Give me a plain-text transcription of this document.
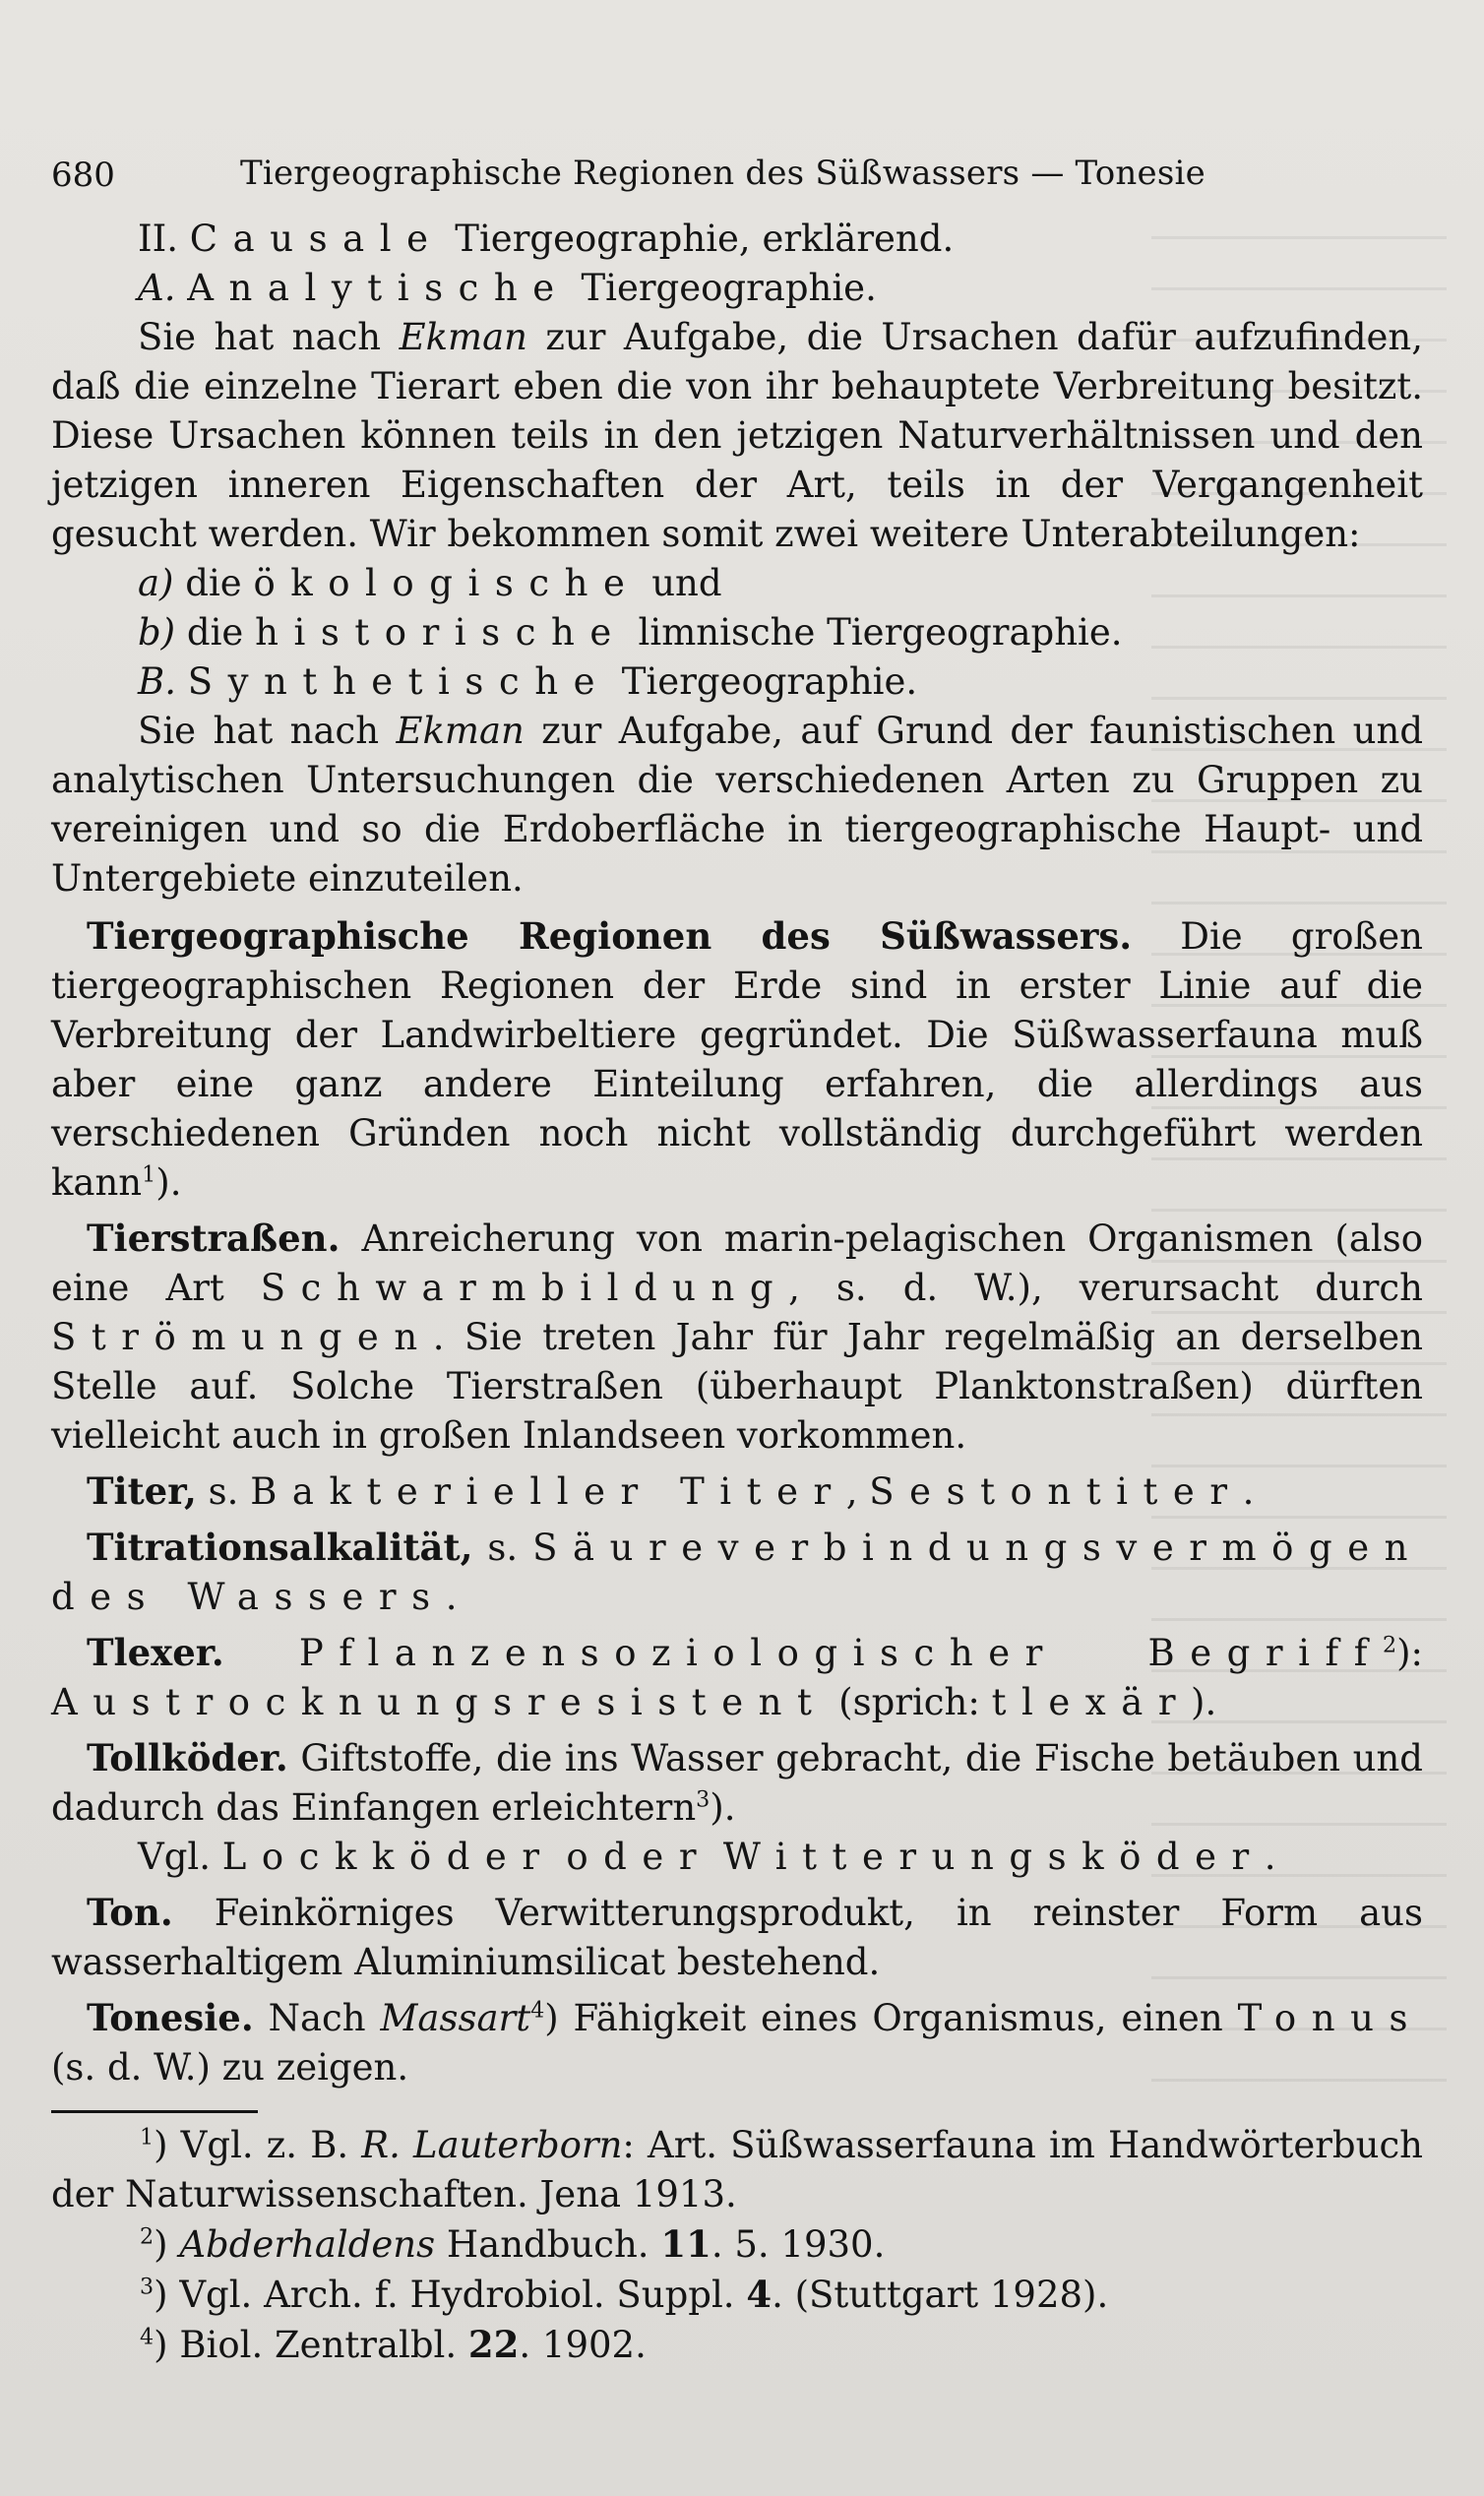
680	Tiergeographische Regionen des Süßwassers — Tonesie

II. Causale Tiergeographie, erklärend.

A. Analytische Tiergeographie.

Sie hat nach Ekman zur Aufgabe, die Ursachen dafür aufzufinden, daß die einzelne Tierart eben die von ihr behauptete Verbreitung besitzt. Diese Ursachen können teils in den jetzigen Naturverhältnissen und den jetzigen inneren Eigenschaften der Art, teils in der Vergangenheit gesucht werden. Wir bekommen somit zwei weitere Unterabteilungen:

a) die ökologische und

b) die historische limnische Tiergeographie.

B. Synthetische Tiergeographie.

Sie hat nach Ekman zur Aufgabe, auf Grund der faunistischen und analytischen Untersuchungen die verschiedenen Arten zu Gruppen zu vereinigen und so die Erdoberfläche in tiergeographische Haupt- und Untergebiete einzuteilen.

Tiergeographische Regionen des Süßwassers. Die großen tiergeographischen Regionen der Erde sind in erster Linie auf die Verbreitung der Landwirbeltiere gegründet. Die Süßwasserfauna muß aber eine ganz andere Einteilung erfahren, die allerdings aus verschiedenen Gründen noch nicht vollständig durchgeführt werden kann$^1$).

Tierstraßen. Anreicherung von marin-pelagischen Organismen (also eine Art Schwarmbildung, s. d. W.), verursacht durch Strömungen. Sie treten Jahr für Jahr regelmäßig an derselben Stelle auf. Solche Tierstraßen (überhaupt Planktonstraßen) dürften vielleicht auch in großen Inlandseen vorkommen.

Titer, s. Bakterieller Titer, Sestontiter.

Titrationsalkalität, s. Säureverbindungsvermögen des Wassers.

Tlexer. Pflanzensoziologischer Begriff$^2$): Austrocknungsresistent (sprich: tlexär).

Tollköder. Giftstoffe, die ins Wasser gebracht, die Fische betäuben und dadurch das Einfangen erleichtern$^3$).

Vgl. Lockköder oder Witterungsköder.

Ton. Feinkörniges Verwitterungsprodukt, in reinster Form aus wasserhaltigem Aluminiumsilicat bestehend.

Tonesie. Nach Massart$^4$) Fähigkeit eines Organismus, einen Tonus (s. d. W.) zu zeigen.

$^1$) Vgl. z. B. R. Lauterborn: Art. Süßwasserfauna im Handwörterbuch der Naturwissenschaften. Jena 1913.

$^2$) Abderhaldens Handbuch. 11. 5. 1930.

$^3$) Vgl. Arch. f. Hydrobiol. Suppl. 4. (Stuttgart 1928).

$^4$) Biol. Zentralbl. 22. 1902.
